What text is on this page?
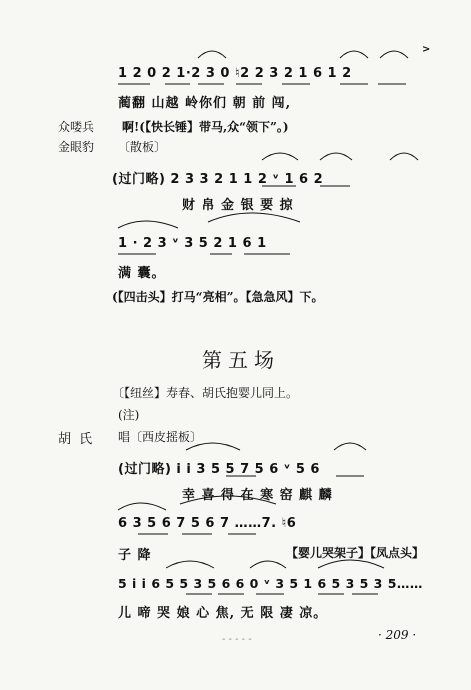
1 2 0 2 1·2 3 0 ♮2 2 3 2 1 6 1 2
>
蔺翻 山越 岭你们 朝 前 闯,
众喽兵 啊!(【快长锤】带马,众“领下”。)
金眼豹 〔散板〕
(过门略) 2 3 3 2 1 1 2 ᵛ 1 6 2
财 帛 金 银 要 掠
1 · 2 3 ᵛ 3 5 2 1 6 1
满 囊。
(【四击头】打马“亮相”。【急急风】下。
第五场
〔【纽丝】寿春、胡氏抱婴儿同上。
(注)
胡 氏 唱〔西皮摇板〕
(过门略) i i 3 5 5 7 5 6 ᵛ 5 6
幸 喜 得 在 寒 窑 麒 麟
6 3 5 6 7 5 6 7 ……7. ♮6
子 降	【婴儿哭架子】【凤点头】
5 i i 6 5 5 3 5 6 6 0 ᵛ 3 5 1 6 5 3 5 3 5……
儿 啼 哭 娘 心 焦, 无 限 凄 凉。
- - - - -	· 209 ·
